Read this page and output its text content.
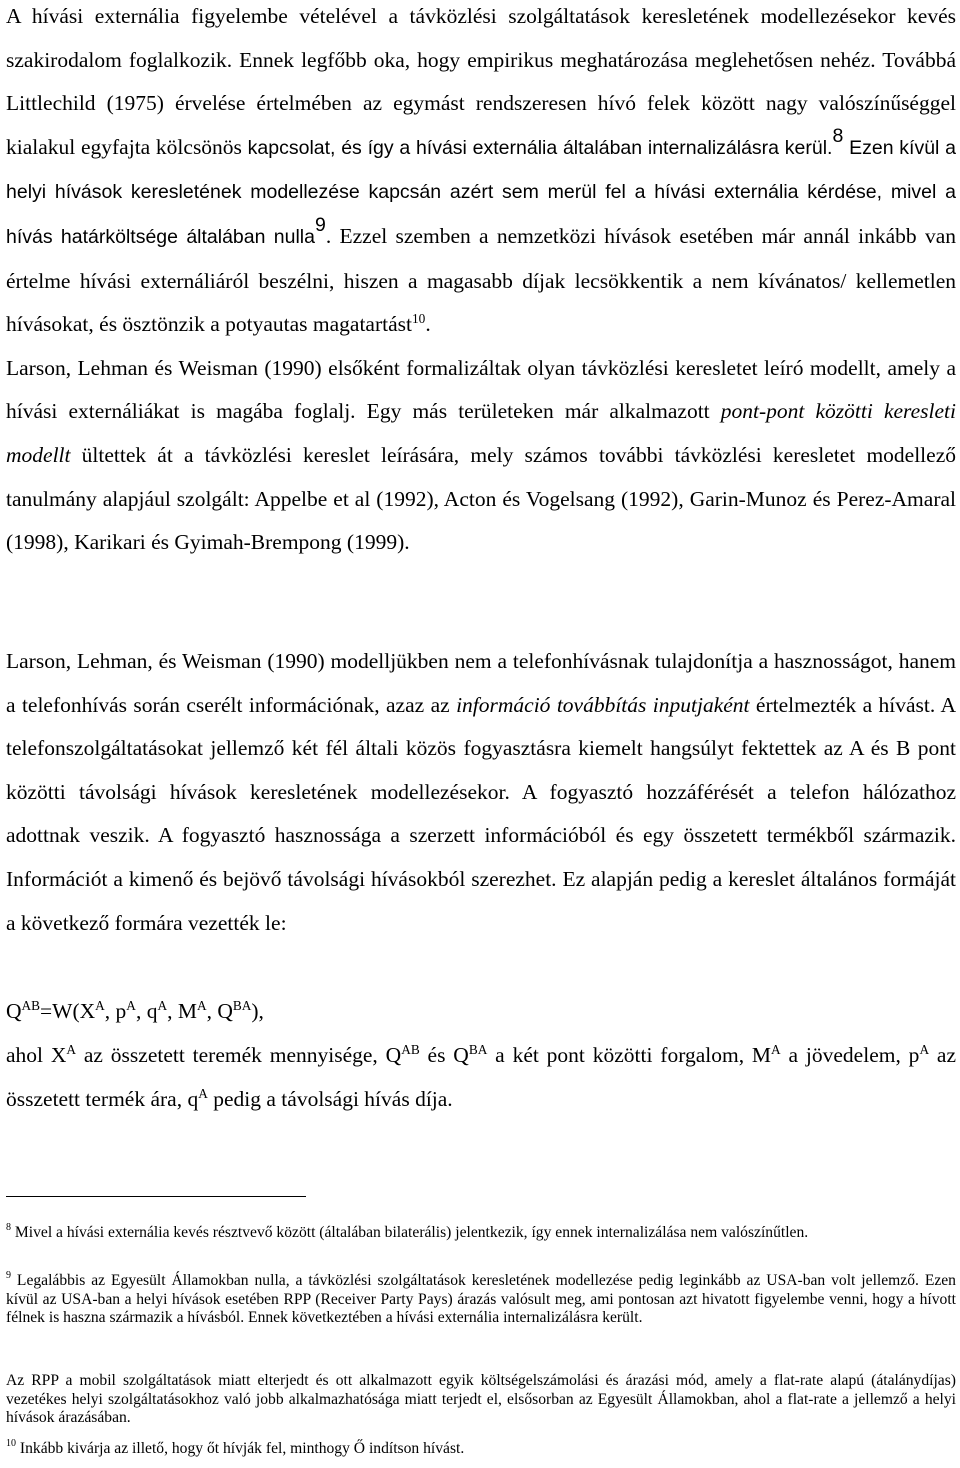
A hívási externália figyelembe vételével a távközlési szolgáltatások keresletének modellezésekor kevés szakirodalom foglalkozik. Ennek legfőbb oka, hogy empirikus meghatározása meglehetősen nehéz. Továbbá Littlechild (1975) érvelése értelmében az egymást rendszeresen hívó felek között nagy valószínűséggel kialakul egyfajta kölcsönös kapcsolat, és így a hívási externália általában internalizálásra kerül.$^8$ Ezen kívül a helyi hívások keresletének modellezése kapcsán azért sem merül fel a hívási externália kérdése, mivel a hívás határköltsége általában nulla$^9$. Ezzel szemben a nemzetközi hívások esetében már annál inkább van értelme hívási externáliáról beszélni, hiszen a magasabb díjak lecsökkentik a nem kívánatos/ kellemetlen hívásokat, és ösztönzik a potyautas magatartást$^{10}$.
Larson, Lehman és Weisman (1990) elsőként formalizáltak olyan távközlési keresletet leíró modellt, amely a hívási externáliákat is magába foglalj. Egy más területeken már alkalmazott pont-pont közötti keresleti modellt ültettek át a távközlési kereslet leírására, mely számos további távközlési keresletet modellező tanulmány alapjául szolgált: Appelbe et al (1992), Acton és Vogelsang (1992), Garin-Munoz és Perez-Amaral (1998), Karikari és Gyimah-Brempong (1999).

Larson, Lehman, és Weisman (1990) modelljükben nem a telefonhívásnak tulajdonítja a hasznosságot, hanem a telefonhívás során cserélt információnak, azaz az információ továbbítás inputjaként értelmezték a hívást. A telefonszolgáltatásokat jellemző két fél általi közös fogyasztásra kiemelt hangsúlyt fektettek az A és B pont közötti távolsági hívások keresletének modellezésekor. A fogyasztó hozzáférését a telefon hálózathoz adottnak veszik. A fogyasztó hasznossága a szerzett információból és egy összetett termékből származik. Információt a kimenő és bejövő távolsági hívásokból szerezhet. Ez alapján pedig a kereslet általános formáját a következő formára vezették le:

$Q^{AB}=W(X^A$, $p^A$, $q^A$, $M^A$, $Q^{BA}$),
ahol $X^A$ az összetett teremék mennyisége, $Q^{AB}$ és $Q^{BA}$ a két pont közötti forgalom, $M^A$ a jövedelem, $p^A$ az összetett termék ára, $q^A$ pedig a távolsági hívás díja.
$^8$ Mivel a hívási externália kevés résztvevő között (általában bilaterális) jelentkezik, így ennek internalizálása nem valószínűtlen.
$^9$ Legalábbis az Egyesült Államokban nulla, a távközlési szolgáltatások keresletének modellezése pedig leginkább az USA-ban volt jellemző. Ezen kívül az USA-ban a helyi hívások esetében RPP (Receiver Party Pays) árazás valósult meg, ami pontosan azt hivatott figyelembe venni, hogy a hívott félnek is haszna származik a hívásból. Ennek következtében a hívási externália internalizálásra került.
Az RPP a mobil szolgáltatások miatt elterjedt és ott alkalmazott egyik költségelszámolási és árazási mód, amely a flat-rate alapú (átalánydíjas) vezetékes helyi szolgáltatásokhoz való jobb alkalmazhatósága miatt terjedt el, elsősorban az Egyesült Államokban, ahol a flat-rate a jellemző a helyi hívások árazásában.
$^{10}$ Inkább kivárja az illető, hogy őt hívják fel, minthogy Ő indítson hívást.
